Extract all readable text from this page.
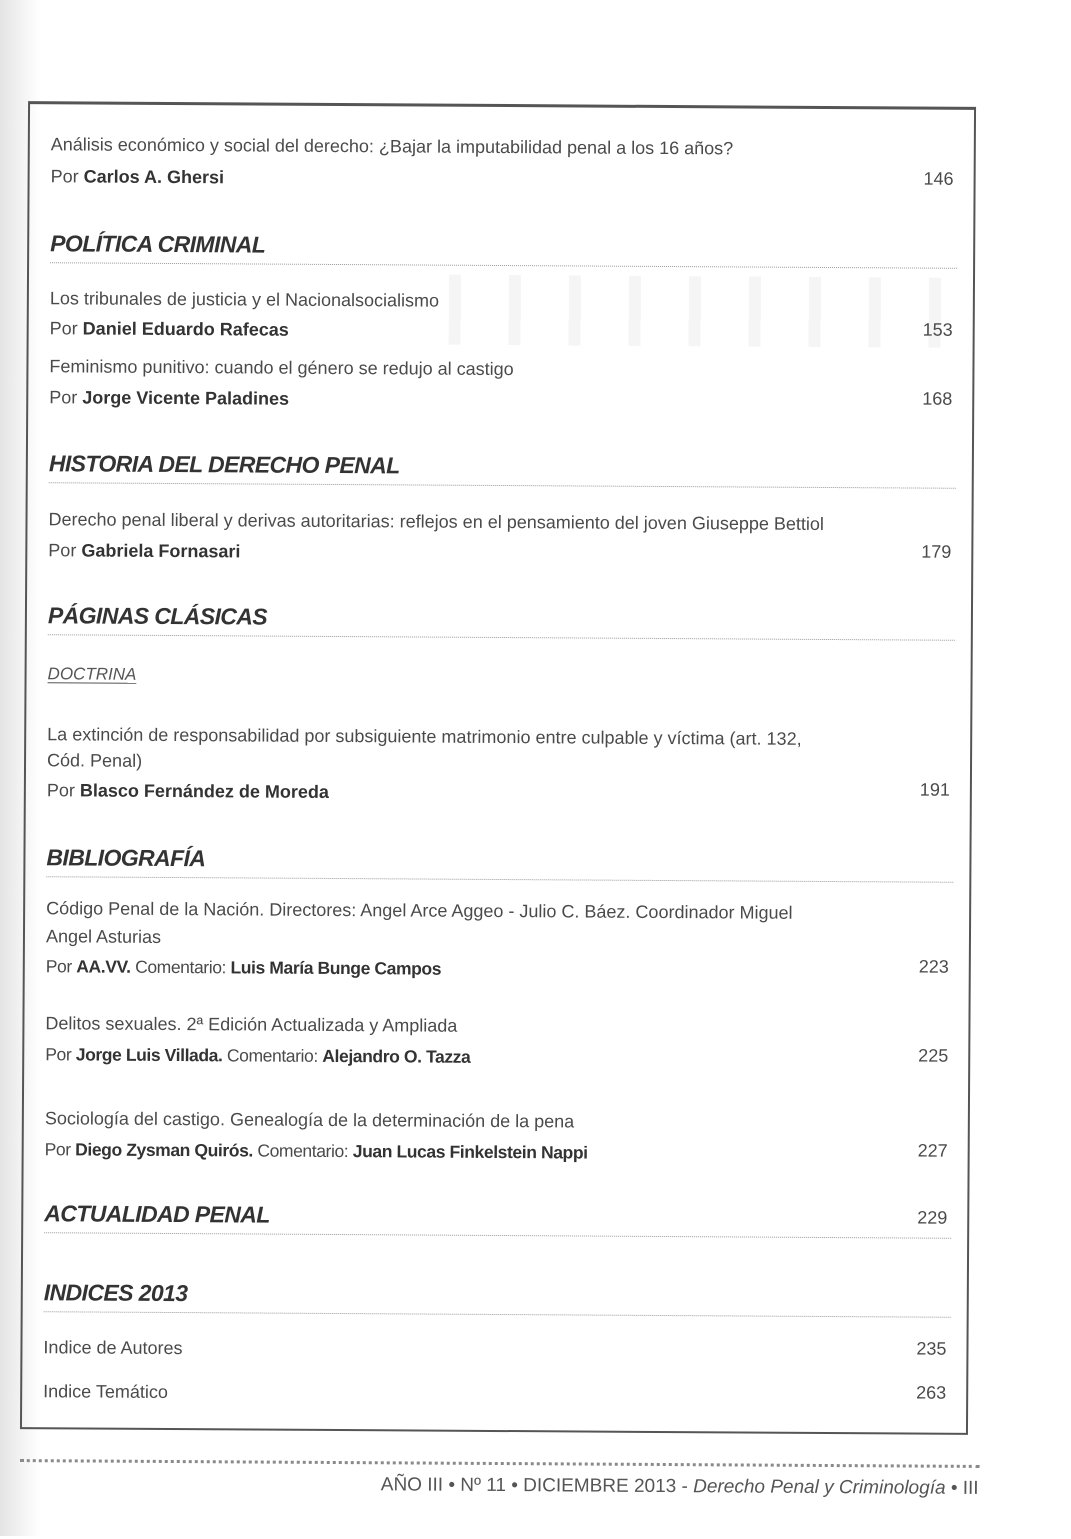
Análisis económico y social del derecho: ¿Bajar la imputabilidad penal a los 16 años?
Por Carlos A. Ghersi	146
POLÍTICA CRIMINAL
Los tribunales de justicia y el Nacionalsocialismo
Por Daniel Eduardo Rafecas	153
Feminismo punitivo: cuando el género se redujo al castigo
Por Jorge Vicente Paladines	168
HISTORIA DEL DERECHO PENAL
Derecho penal liberal y derivas autoritarias: reflejos en el pensamiento del joven Giuseppe Bettiol
Por Gabriela Fornasari	179
PÁGINAS CLÁSICAS
DOCTRINA
La extinción de responsabilidad por subsiguiente matrimonio entre culpable y víctima (art. 132,
Cód. Penal)
Por Blasco Fernández de Moreda	191
BIBLIOGRAFÍA
Código Penal de la Nación. Directores: Angel Arce Aggeo - Julio C. Báez. Coordinador Miguel
Angel Asturias
Por AA.VV. Comentario: Luis María Bunge Campos	223
Delitos sexuales. 2ª Edición Actualizada y Ampliada
Por Jorge Luis Villada. Comentario: Alejandro O. Tazza	225
Sociología del castigo. Genealogía de la determinación de la pena
Por Diego Zysman Quirós. Comentario: Juan Lucas Finkelstein Nappi	227
ACTUALIDAD PENAL	229
INDICES 2013
Indice de Autores	235
Indice Temático	263
AÑO III • Nº 11 • DICIEMBRE 2013 - Derecho Penal y Criminología • III
